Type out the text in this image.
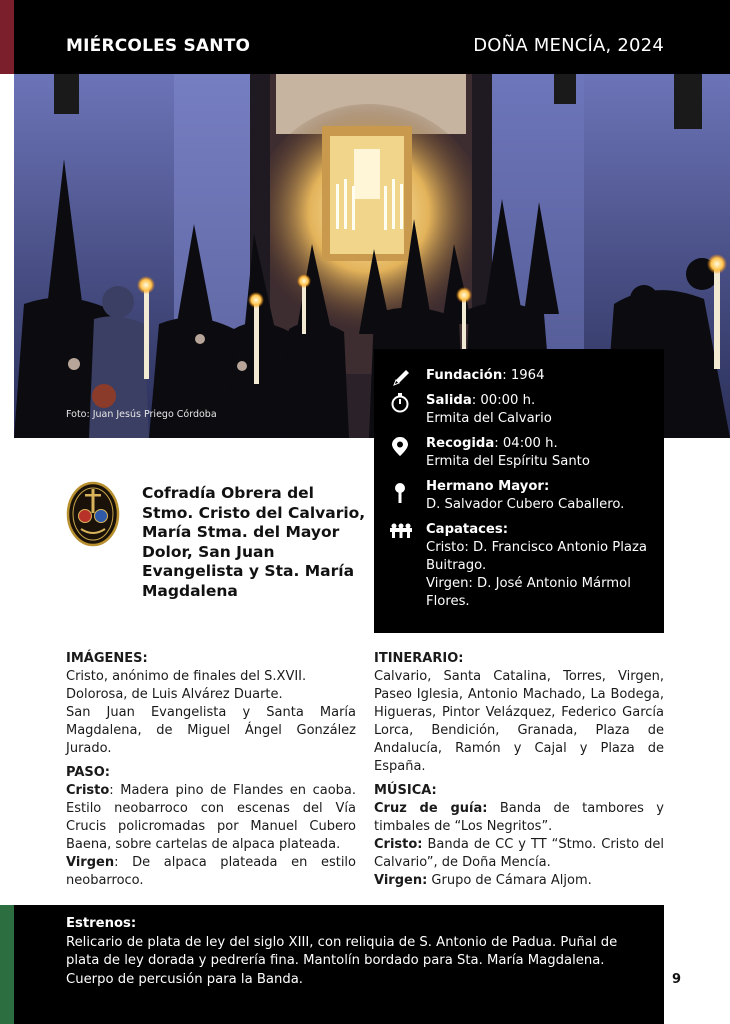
MIÉRCOLES SANTO	DOÑA MENCÍA, 2024
Foto: Juan Jesús Priego Córdoba
Fundación: 1964
Salida: 00:00 h.
Ermita del Calvario
Recogida: 04:00 h.
Ermita del Espíritu Santo
Hermano Mayor:
D. Salvador Cubero Caballero.
Capataces:
Cristo: D. Francisco Antonio Plaza Buitrago.
Virgen: D. José Antonio Mármol Flores.
Cofradía Obrera del Stmo. Cristo del Calvario, María Stma. del Mayor Dolor, San Juan Evangelista y Sta. María Magdalena
IMÁGENES:

Cristo, anónimo de finales del S.XVII.

Dolorosa, de Luis Alvárez Duarte.

San Juan Evangelista y Santa María Magdalena, de Miguel Ángel González Jurado.

PASO:

Cristo: Madera pino de Flandes en caoba. Estilo neobarroco con escenas del Vía Crucis policromadas por Manuel Cubero Baena, sobre cartelas de alpaca plateada.

Virgen: De alpaca plateada en estilo neobarroco.

ITINERARIO:

Calvario, Santa Catalina, Torres, Virgen, Paseo Iglesia, Antonio Machado, La Bodega, Higueras, Pintor Velázquez, Federico García Lorca, Bendición, Granada, Plaza de Andalucía, Ramón y Cajal y Plaza de España.

MÚSICA:

Cruz de guía: Banda de tambores y timbales de “Los Negritos”.

Cristo: Banda de CC y TT “Stmo. Cristo del Calvario”, de Doña Mencía.

Virgen: Grupo de Cámara Aljom.

Estrenos:

Relicario de plata de ley del siglo XIII, con reliquia de S. Antonio de Padua. Puñal de plata de ley dorada y pedrería fina. Mantolín bordado para Sta. María Magdalena. Cuerpo de percusión para la Banda.	9
